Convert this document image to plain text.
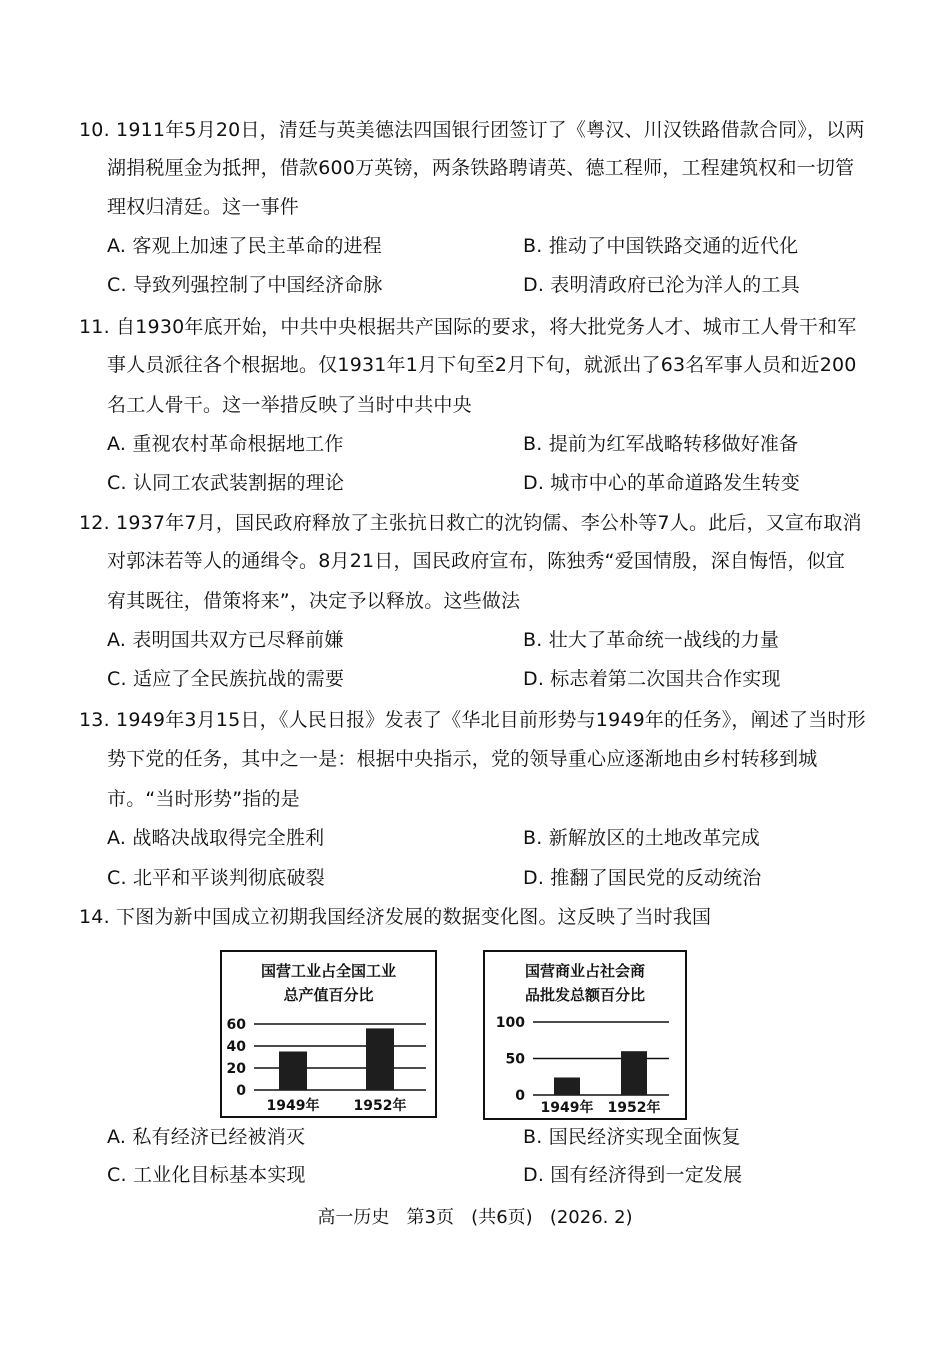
10. 1911年5月20日，清廷与英美德法四国银行团签订了《粤汉、川汉铁路借款合同》，以两
湖捐税厘金为抵押，借款600万英镑，两条铁路聘请英、德工程师，工程建筑权和一切管
理权归清廷。这一事件
A. 客观上加速了民主革命的进程	B. 推动了中国铁路交通的近代化
C. 导致列强控制了中国经济命脉	D. 表明清政府已沦为洋人的工具
11. 自1930年底开始，中共中央根据共产国际的要求，将大批党务人才、城市工人骨干和军
事人员派往各个根据地。仅1931年1月下旬至2月下旬，就派出了63名军事人员和近200
名工人骨干。这一举措反映了当时中共中央
A. 重视农村革命根据地工作	B. 提前为红军战略转移做好准备
C. 认同工农武装割据的理论	D. 城市中心的革命道路发生转变
12. 1937年7月，国民政府释放了主张抗日救亡的沈钧儒、李公朴等7人。此后，又宣布取消
对郭沫若等人的通缉令。8月21日，国民政府宣布，陈独秀“爱国情殷，深自悔悟，似宜
宥其既往，借策将来”，决定予以释放。这些做法
A. 表明国共双方已尽释前嫌	B. 壮大了革命统一战线的力量
C. 适应了全民族抗战的需要	D. 标志着第二次国共合作实现
13. 1949年3月15日，《人民日报》发表了《华北目前形势与1949年的任务》，阐述了当时形
势下党的任务，其中之一是：根据中央指示，党的领导重心应逐渐地由乡村转移到城
市。“当时形势”指的是
A. 战略决战取得完全胜利	B. 新解放区的土地改革完成
C. 北平和平谈判彻底破裂	D. 推翻了国民党的反动统治
14. 下图为新中国成立初期我国经济发展的数据变化图。这反映了当时我国
国营工业占全国工业
总产值百分比
60
40
20
0
1949年 1952年
国营商业占社会商
品批发总额百分比
100
50
0
1949年 1952年
A. 私有经济已经被消灭	B. 国民经济实现全面恢复
C. 工业化目标基本实现	D. 国有经济得到一定发展
高一历史   第3页   (共6页)   (2026. 2)
